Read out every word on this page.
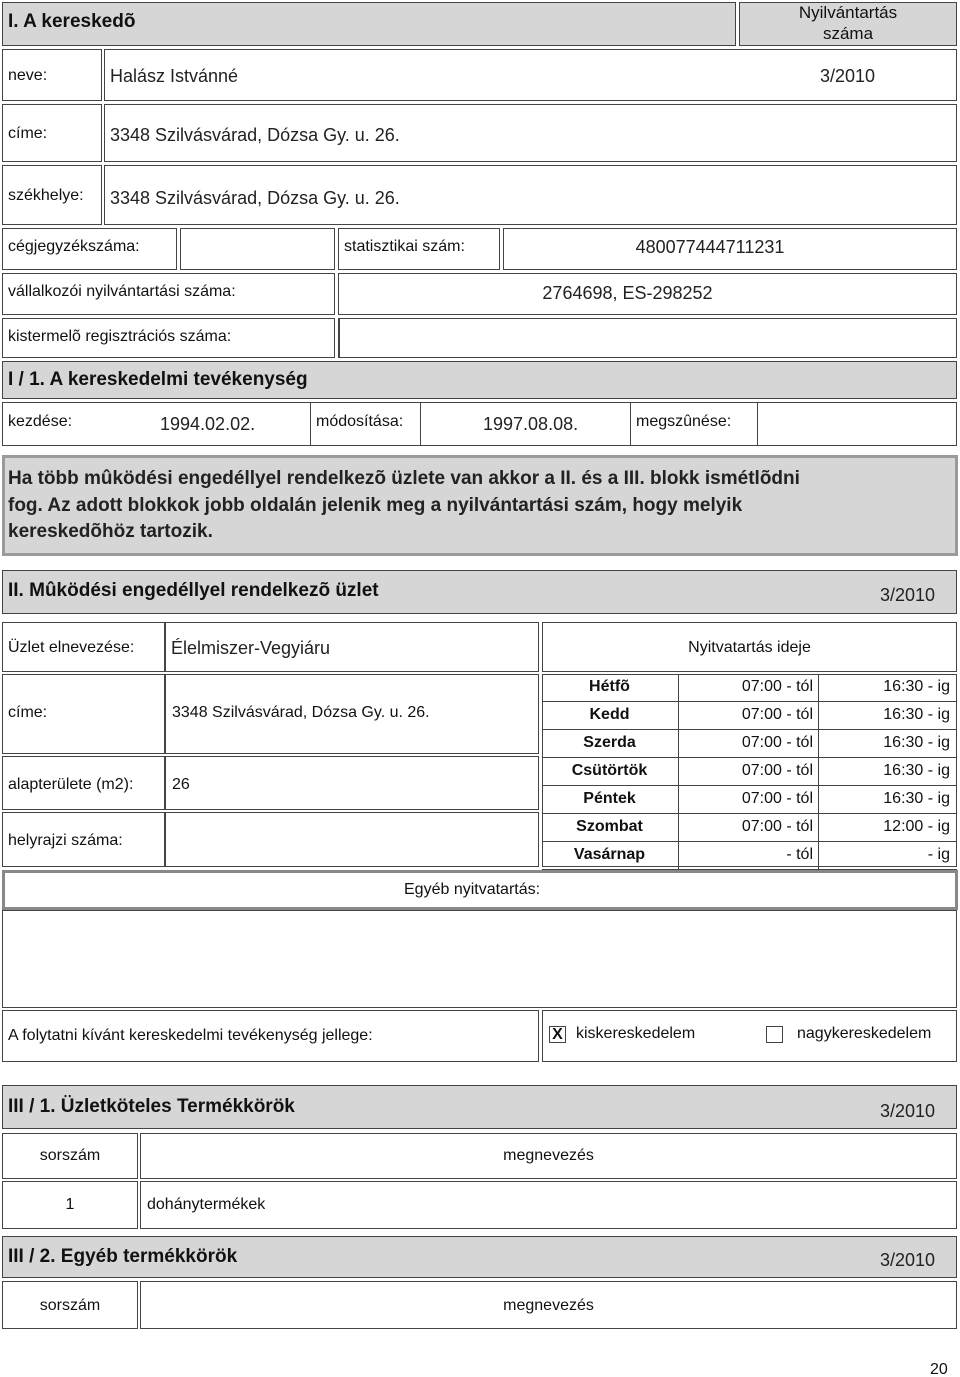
I. A kereskedõ	Nyilvántartás
száma
neve:	Halász Istvánné	3/2010
címe:	3348 Szilvásvárad, Dózsa Gy. u. 26.
székhelye: 3348 Szilvásvárad, Dózsa Gy. u. 26.
cégjegyzékszáma:	statisztikai szám:	480077444711231
vállalkozói nyilvántartási száma:	2764698, ES-298252
kistermelõ regisztrációs száma:
I / 1. A kereskedelmi tevékenység
kezdése:	1994.02.02.	módosítása:	1997.08.08.	megszûnése:
Ha több mûködési engedéllyel rendelkezõ üzlete van akkor a II. és a III. blokk ismétlõdni
fog. Az adott blokkok jobb oldalán jelenik meg a nyilvántartási szám, hogy melyik
kereskedõhöz tartozik.
II. Mûködési engedéllyel rendelkezõ üzlet	3/2010
Üzlet elnevezése: Élelmiszer-Vegyiáru	Nyitvatartás ideje
címe:	3348 Szilvásvárad, Dózsa Gy. u. 26.
alapterülete (m2): 26
helyrajzi száma:
Hétfõ	07:00 - tól	16:30 - ig
Kedd	07:00 - tól	16:30 - ig
Szerda	07:00 - tól	16:30 - ig
Csütörtök	07:00 - tól	16:30 - ig
Péntek	07:00 - tól	16:30 - ig
Szombat	07:00 - tól	12:00 - ig
Vasárnap	- tól	- ig
Egyéb nyitvatartás:
A folytatni kívánt kereskedelmi tevékenység jellege:	X kiskereskedelem	nagykereskedelem
III / 1. Üzletköteles Termékkörök	3/2010
sorszám	megnevezés
1	dohánytermékek
III / 2. Egyéb termékkörök	3/2010
sorszám	megnevezés
20
